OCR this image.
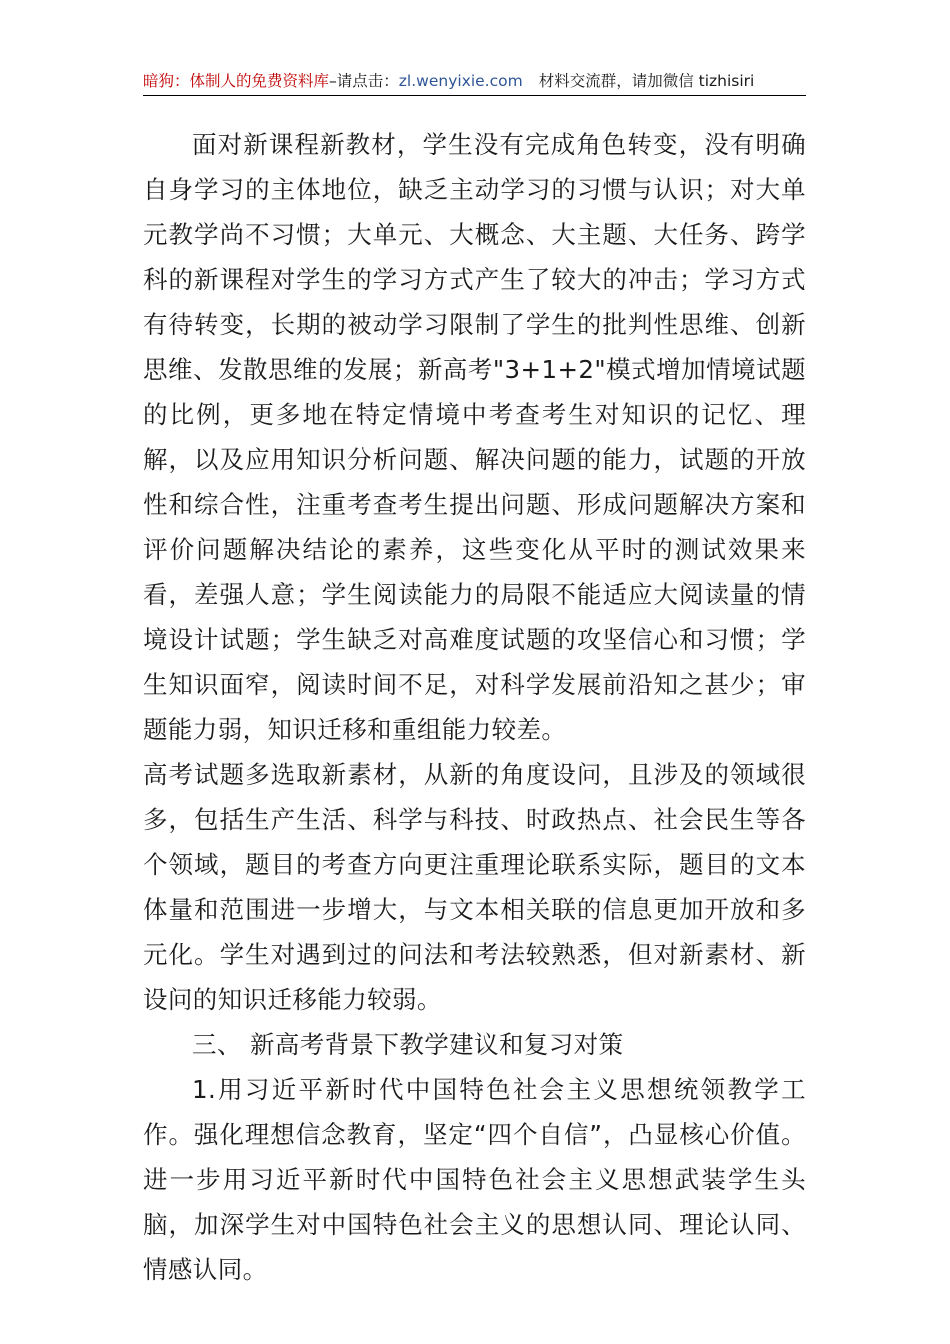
暗狗：体制人的免费资料库–请点击：zl.wenyixie.com 材料交流群，请加微信 tizhisiri

面对新课程新教材，学生没有完成角色转变，没有明确自身学习的主体地位，缺乏主动学习的习惯与认识；对大单元教学尚不习惯；大单元、大概念、大主题、大任务、跨学科的新课程对学生的学习方式产生了较大的冲击；学习方式有待转变，长期的被动学习限制了学生的批判性思维、创新思维、发散思维的发展；新高考"3+1+2"模式增加情境试题的比例，更多地在特定情境中考查考生对知识的记忆、理解，以及应用知识分析问题、解决问题的能力，试题的开放性和综合性，注重考查考生提出问题、形成问题解决方案和评价问题解决结论的素养，这些变化从平时的测试效果来看，差强人意；学生阅读能力的局限不能适应大阅读量的情境设计试题；学生缺乏对高难度试题的攻坚信心和习惯；学生知识面窄，阅读时间不足，对科学发展前沿知之甚少；审题能力弱，知识迁移和重组能力较差。

高考试题多选取新素材，从新的角度设问，且涉及的领域很多，包括生产生活、科学与科技、时政热点、社会民生等各个领域，题目的考查方向更注重理论联系实际，题目的文本体量和范围进一步增大，与文本相关联的信息更加开放和多元化。学生对遇到过的问法和考法较熟悉，但对新素材、新设问的知识迁移能力较弱。

三、 新高考背景下教学建议和复习对策

1.用习近平新时代中国特色社会主义思想统领教学工作。强化理想信念教育，坚定“四个自信”，凸显核心价值。进一步用习近平新时代中国特色社会主义思想武装学生头脑，加深学生对中国特色社会主义的思想认同、理论认同、情感认同。
